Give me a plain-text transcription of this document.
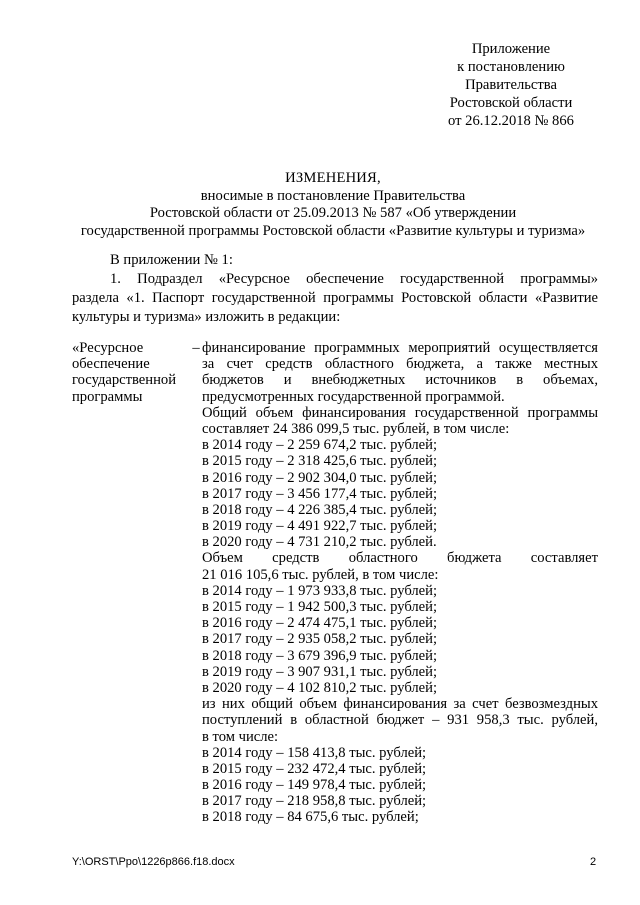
Приложение
к постановлению
Правительства
Ростовской области
от 26.12.2018 № 866
ИЗМЕНЕНИЯ,
вносимые в постановление Правительства
Ростовской области от 25.09.2013 № 587 «Об утверждении
государственной программы Ростовской области «Развитие культуры и туризма»
В приложении № 1:
1. Подраздел «Ресурсное обеспечение государственной программы»
раздела «1. Паспорт государственной программы Ростовской области «Развитие
культуры и туризма» изложить в редакции:
«Ресурсное
обеспечение
государственной
программы
– финансирование программных мероприятий осуществляется
за счет средств областного бюджета, а также местных
бюджетов и внебюджетных источников в объемах,
предусмотренных государственной программой.
Общий объем финансирования государственной программы
составляет 24 386 099,5 тыс. рублей, в том числе:
в 2014 году – 2 259 674,2 тыс. рублей;
в 2015 году – 2 318 425,6 тыс. рублей;
в 2016 году – 2 902 304,0 тыс. рублей;
в 2017 году – 3 456 177,4 тыс. рублей;
в 2018 году – 4 226 385,4 тыс. рублей;
в 2019 году – 4 491 922,7 тыс. рублей;
в 2020 году – 4 731 210,2 тыс. рублей.
Объем средств областного бюджета составляет
21 016 105,6 тыс. рублей, в том числе:
в 2014 году – 1 973 933,8 тыс. рублей;
в 2015 году – 1 942 500,3 тыс. рублей;
в 2016 году – 2 474 475,1 тыс. рублей;
в 2017 году – 2 935 058,2 тыс. рублей;
в 2018 году – 3 679 396,9 тыс. рублей;
в 2019 году – 3 907 931,1 тыс. рублей;
в 2020 году – 4 102 810,2 тыс. рублей;
из них общий объем финансирования за счет безвозмездных
поступлений в областной бюджет – 931 958,3 тыс. рублей,
в том числе:
в 2014 году – 158 413,8 тыс. рублей;
в 2015 году – 232 472,4 тыс. рублей;
в 2016 году – 149 978,4 тыс. рублей;
в 2017 году – 218 958,8 тыс. рублей;
в 2018 году – 84 675,6 тыс. рублей;
Y:\ORST\Ppo\1226p866.f18.docx	2
